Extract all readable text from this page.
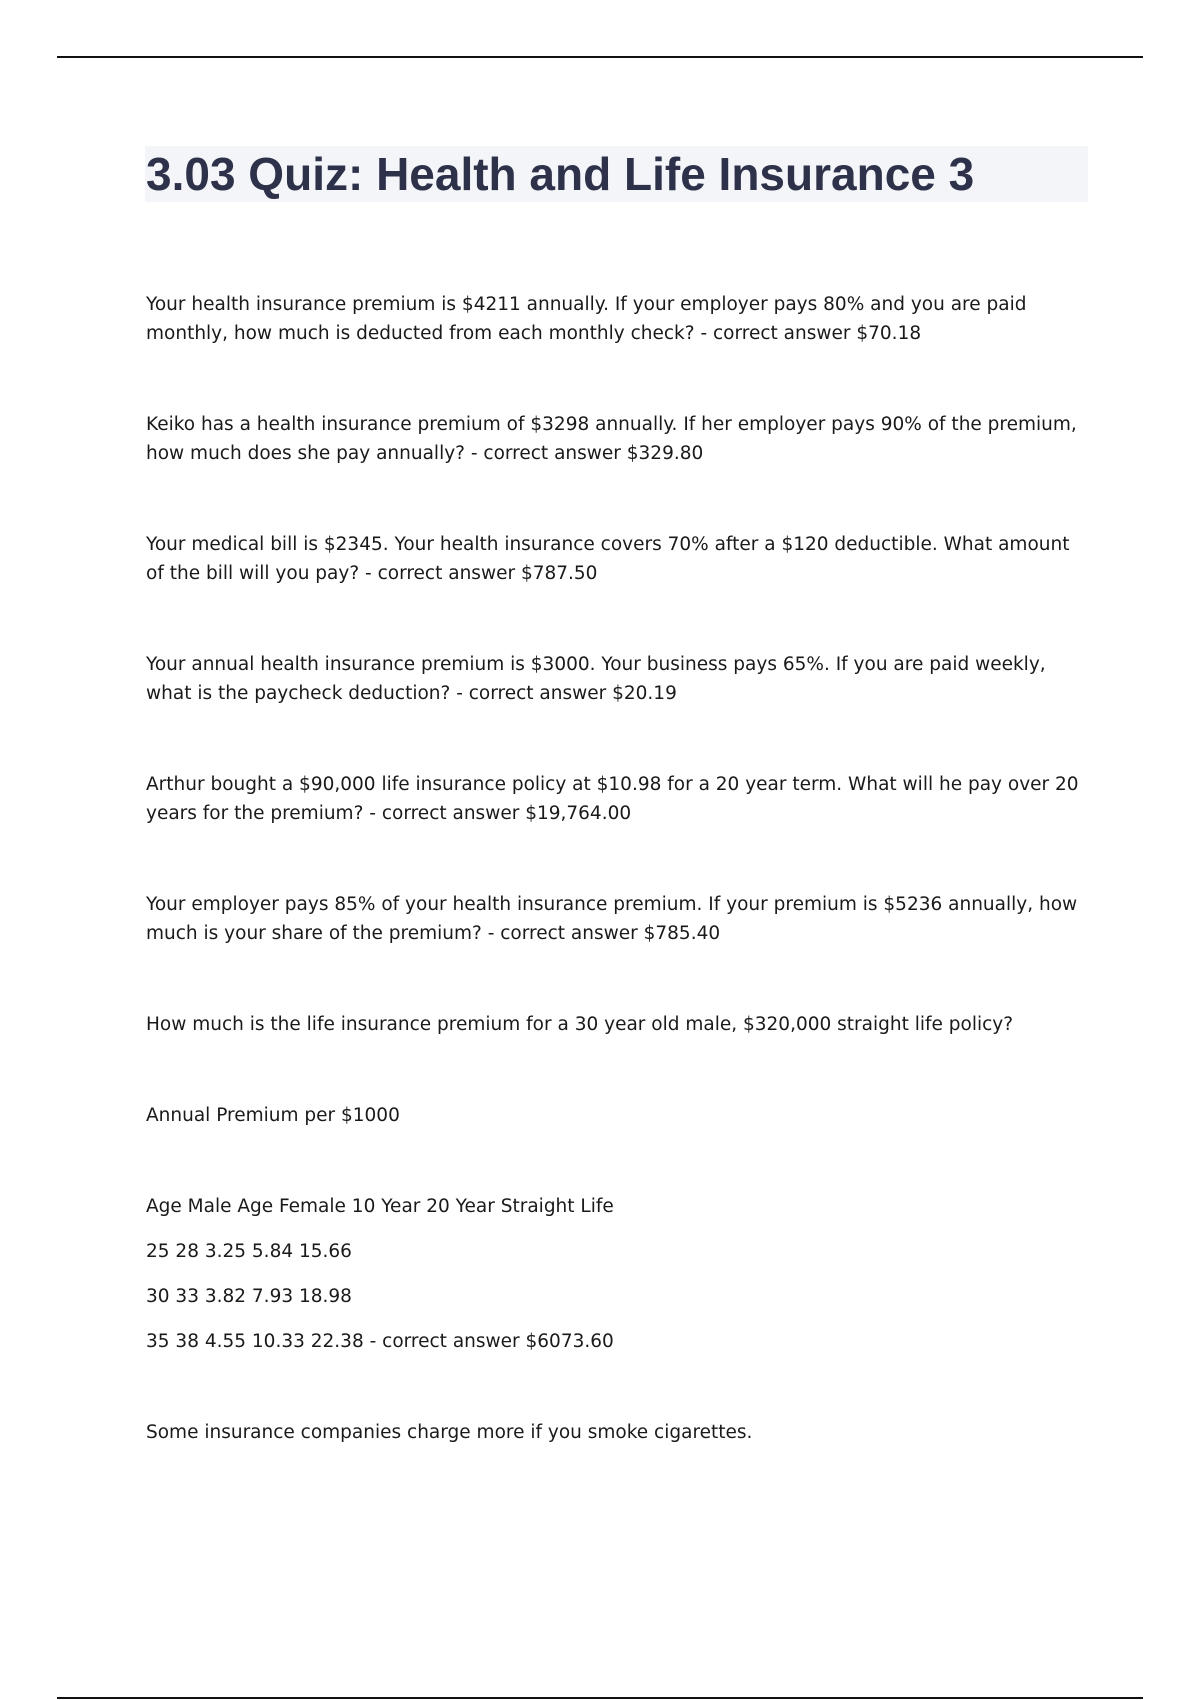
3.03 Quiz: Health and Life Insurance 3

Your health insurance premium is $4211 annually. If your employer pays 80% and you are paid monthly, how much is deducted from each monthly check? - correct answer $70.18

Keiko has a health insurance premium of $3298 annually. If her employer pays 90% of the premium, how much does she pay annually? - correct answer $329.80

Your medical bill is $2345. Your health insurance covers 70% after a $120 deductible. What amount of the bill will you pay? - correct answer $787.50

Your annual health insurance premium is $3000. Your business pays 65%. If you are paid weekly, what is the paycheck deduction? - correct answer $20.19

Arthur bought a $90,000 life insurance policy at $10.98 for a 20 year term. What will he pay over 20 years for the premium? - correct answer $19,764.00

Your employer pays 85% of your health insurance premium. If your premium is $5236 annually, how much is your share of the premium? - correct answer $785.40

How much is the life insurance premium for a 30 year old male, $320,000 straight life policy?

Annual Premium per $1000

Age Male Age Female 10 Year 20 Year Straight Life

25 28 3.25 5.84 15.66

30 33 3.82 7.93 18.98

35 38 4.55 10.33 22.38 - correct answer $6073.60

Some insurance companies charge more if you smoke cigarettes.
